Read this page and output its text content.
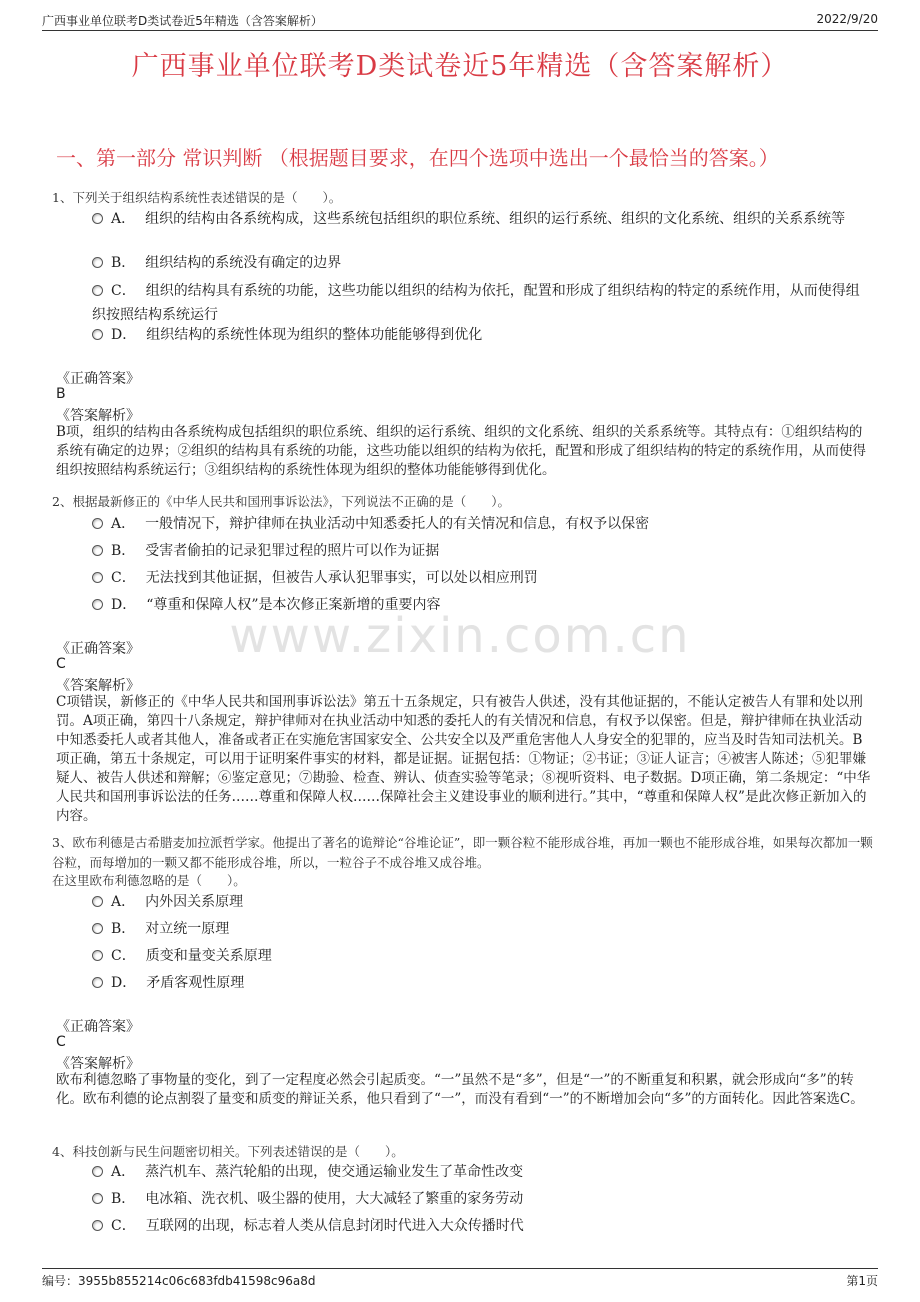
广西事业单位联考D类试卷近5年精选（含答案解析）	2022/9/20
广西事业单位联考D类试卷近5年精选（含答案解析）
一、第一部分 常识判断 （根据题目要求，在四个选项中选出一个最恰当的答案。）
www.zixin.com.cn
1、下列关于组织结构系统性表述错误的是（　　）。
A． 组织的结构由各系统构成，这些系统包括组织的职位系统、组织的运行系统、组织的文化系统、组织的关系系统等
B． 组织结构的系统没有确定的边界
C． 组织的结构具有系统的功能，这些功能以组织的结构为依托，配置和形成了组织结构的特定的系统作用，从而使得组织按照结构系统运行
D． 组织结构的系统性体现为组织的整体功能能够得到优化
《正确答案》
B
《答案解析》
B项，组织的结构由各系统构成包括组织的职位系统、组织的运行系统、组织的文化系统、组织的关系系统等。其特点有：①组织结构的系统有确定的边界；②组织的结构具有系统的功能，这些功能以组织的结构为依托，配置和形成了组织结构的特定的系统作用，从而使得组织按照结构系统运行；③组织结构的系统性体现为组织的整体功能能够得到优化。
2、根据最新修正的《中华人民共和国刑事诉讼法》，下列说法不正确的是（　　）。
A． 一般情况下，辩护律师在执业活动中知悉委托人的有关情况和信息，有权予以保密
B． 受害者偷拍的记录犯罪过程的照片可以作为证据
C． 无法找到其他证据，但被告人承认犯罪事实，可以处以相应刑罚
D． “尊重和保障人权”是本次修正案新增的重要内容
《正确答案》
C
《答案解析》
C项错误，新修正的《中华人民共和国刑事诉讼法》第五十五条规定，只有被告人供述，没有其他证据的，不能认定被告人有罪和处以刑罚。A项正确，第四十八条规定，辩护律师对在执业活动中知悉的委托人的有关情况和信息，有权予以保密。但是，辩护律师在执业活动中知悉委托人或者其他人，准备或者正在实施危害国家安全、公共安全以及严重危害他人人身安全的犯罪的，应当及时告知司法机关。B项正确，第五十条规定，可以用于证明案件事实的材料，都是证据。证据包括：①物证；②书证；③证人证言；④被害人陈述；⑤犯罪嫌疑人、被告人供述和辩解；⑥鉴定意见；⑦勘验、检查、辨认、侦查实验等笔录；⑧视听资料、电子数据。D项正确，第二条规定：“中华人民共和国刑事诉讼法的任务……尊重和保障人权……保障社会主义建设事业的顺利进行。”其中，“尊重和保障人权”是此次修正新加入的内容。
3、欧布利德是古希腊麦加拉派哲学家。他提出了著名的诡辩论“谷堆论证”，即一颗谷粒不能形成谷堆，再加一颗也不能形成谷堆，如果每次都加一颗谷粒，而每增加的一颗又都不能形成谷堆，所以，一粒谷子不成谷堆又成谷堆。
在这里欧布利德忽略的是（　　）。
A． 内外因关系原理
B． 对立统一原理
C． 质变和量变关系原理
D． 矛盾客观性原理
《正确答案》
C
《答案解析》
欧布利德忽略了事物量的变化，到了一定程度必然会引起质变。“一”虽然不是“多”，但是“一”的不断重复和积累，就会形成向“多”的转化。欧布利德的论点割裂了量变和质变的辩证关系，他只看到了“一”，而没有看到“一”的不断增加会向“多”的方面转化。因此答案选C。
4、科技创新与民生问题密切相关。下列表述错误的是（　　）。
A． 蒸汽机车、蒸汽轮船的出现，使交通运输业发生了革命性改变
B． 电冰箱、洗衣机、吸尘器的使用，大大减轻了繁重的家务劳动
C． 互联网的出现，标志着人类从信息封闭时代进入大众传播时代
编号：3955b855214c06c683fdb41598c96a8d	第1页
